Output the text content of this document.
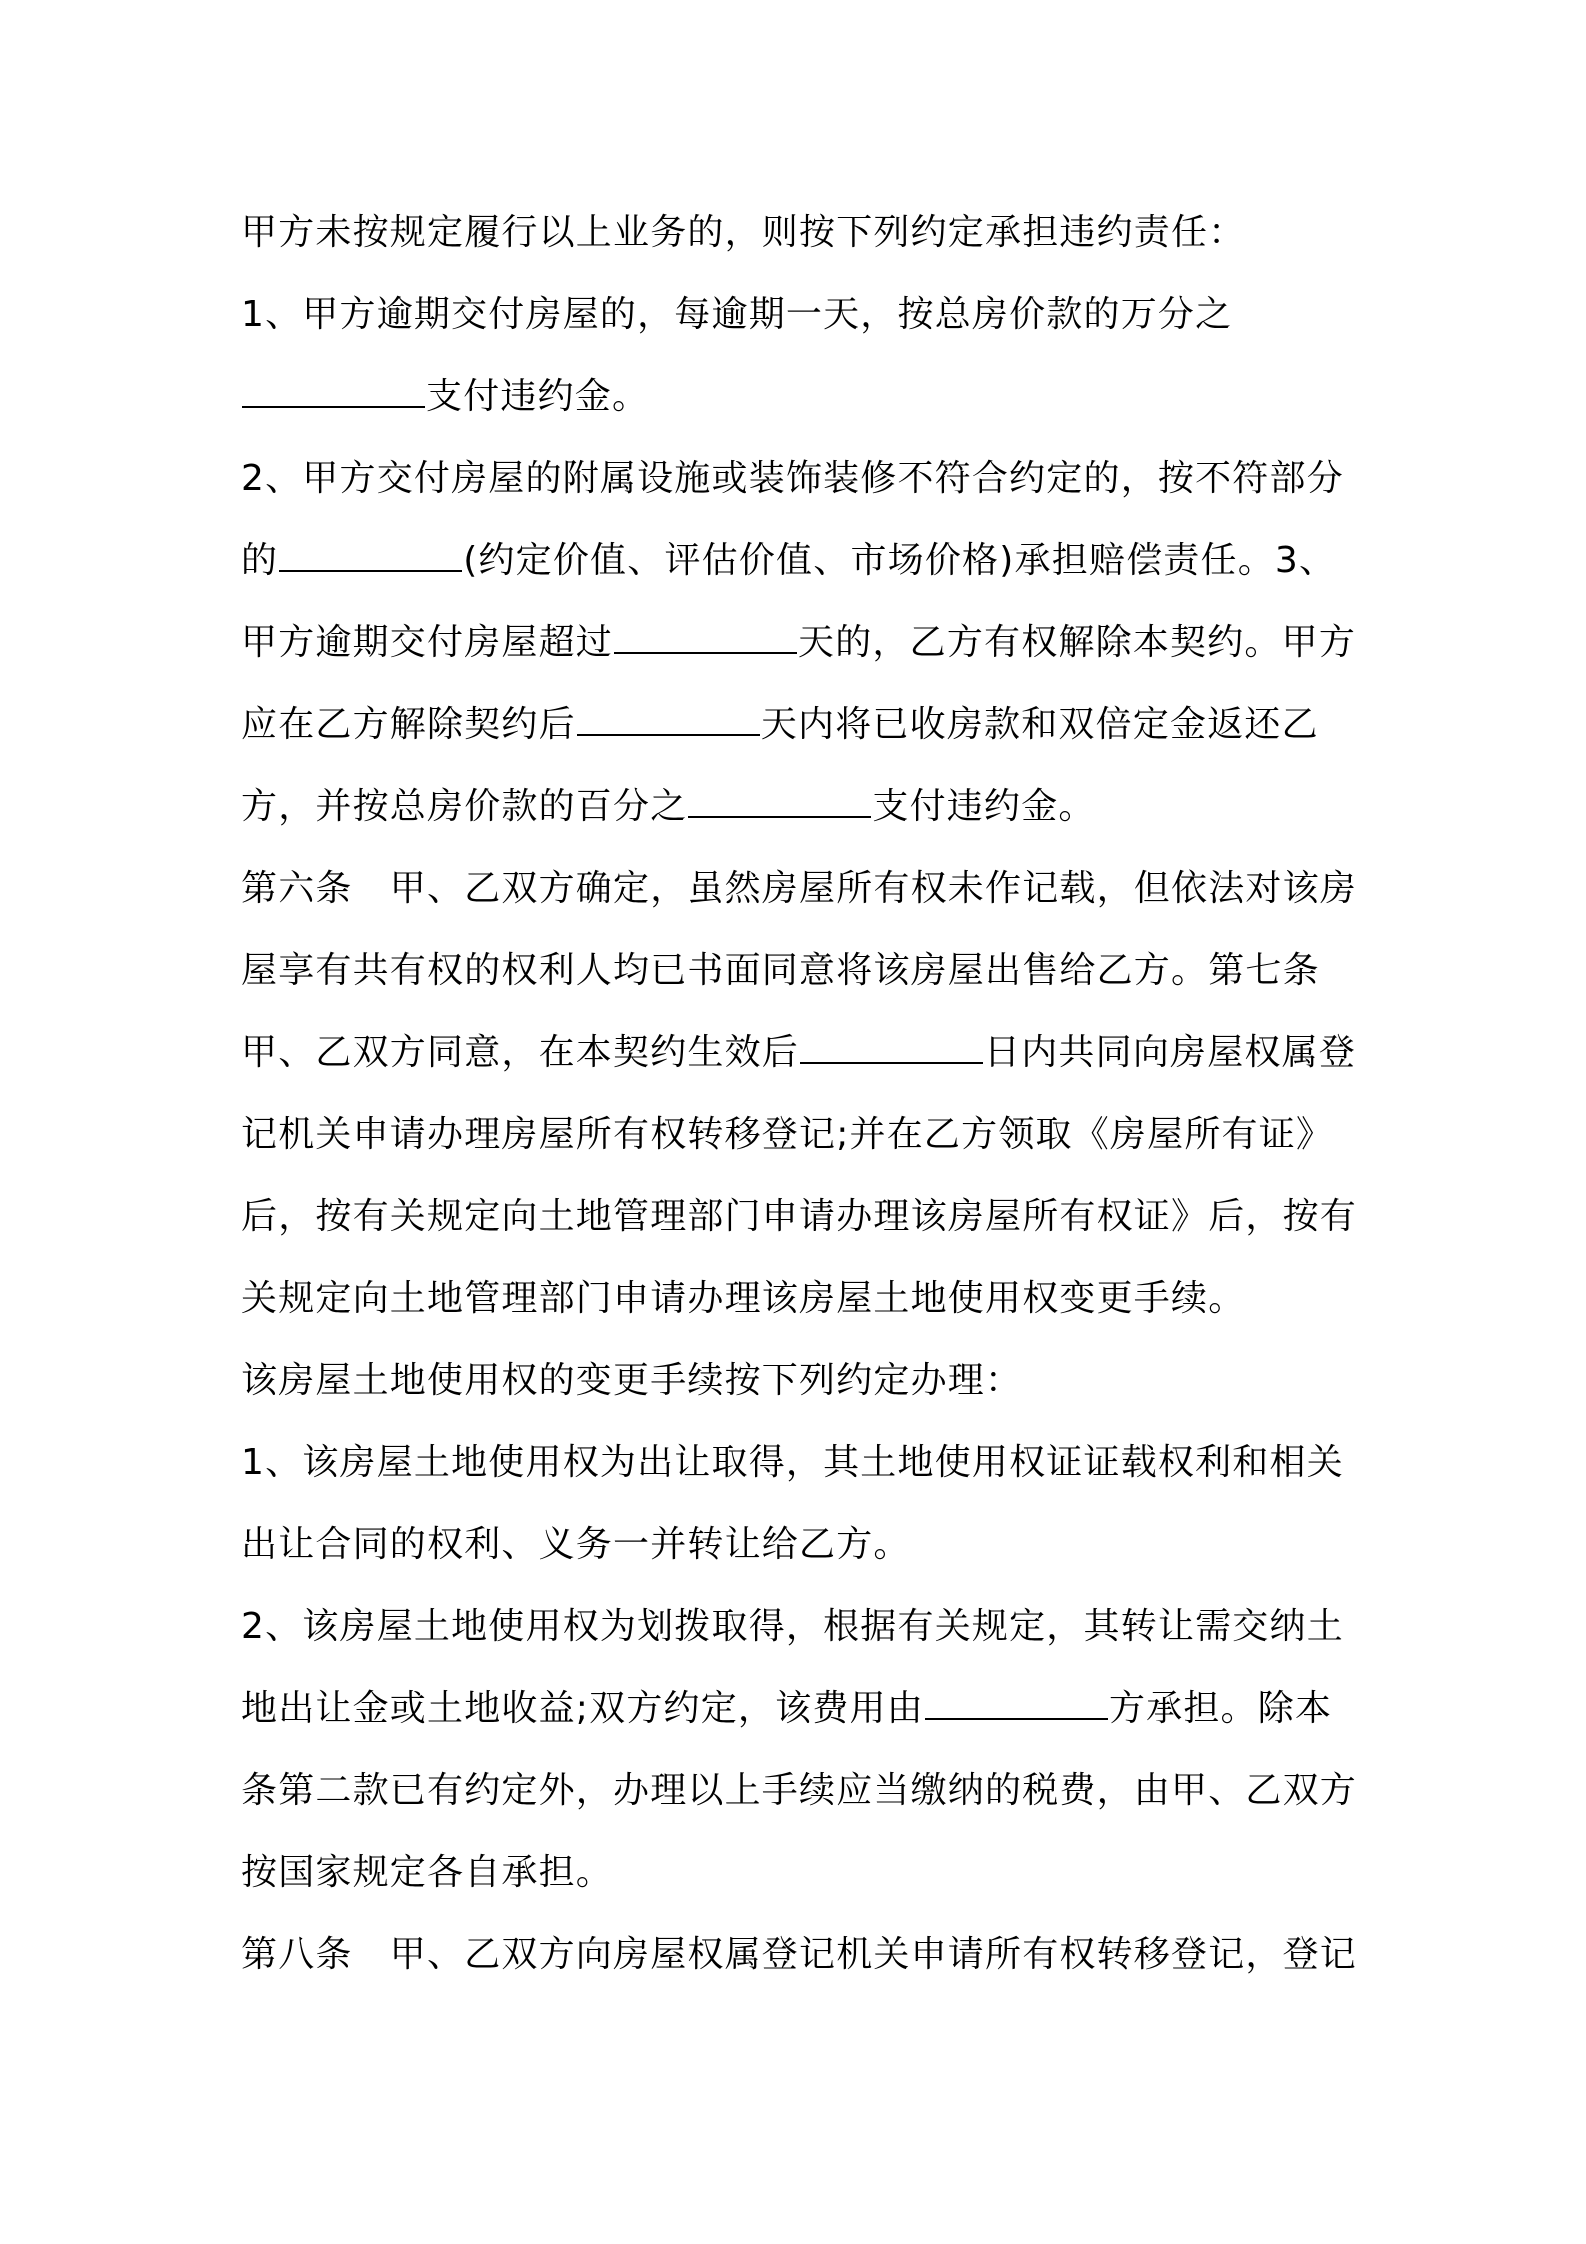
甲方未按规定履行以上业务的，则按下列约定承担违约责任：
1、甲方逾期交付房屋的，每逾期一天，按总房价款的万分之
支付违约金。
2、甲方交付房屋的附属设施或装饰装修不符合约定的，按不符部分
的	(约定价值、评估价值、市场价格)承担赔偿责任。3、
甲方逾期交付房屋超过	天的，乙方有权解除本契约。甲方
应在乙方解除契约后	天内将已收房款和双倍定金返还乙
方，并按总房价款的百分之	支付违约金。
第六条　甲、乙双方确定，虽然房屋所有权未作记载，但依法对该房
屋享有共有权的权利人均已书面同意将该房屋出售给乙方。第七条
甲、乙双方同意，在本契约生效后	日内共同向房屋权属登
记机关申请办理房屋所有权转移登记;并在乙方领取《房屋所有证》
后，按有关规定向土地管理部门申请办理该房屋所有权证》后，按有
关规定向土地管理部门申请办理该房屋土地使用权变更手续。
该房屋土地使用权的变更手续按下列约定办理：
1、该房屋土地使用权为出让取得，其土地使用权证证载权利和相关
出让合同的权利、义务一并转让给乙方。
2、该房屋土地使用权为划拨取得，根据有关规定，其转让需交纳土
地出让金或土地收益;双方约定，该费用由	方承担。除本
条第二款已有约定外，办理以上手续应当缴纳的税费，由甲、乙双方
按国家规定各自承担。
第八条　甲、乙双方向房屋权属登记机关申请所有权转移登记，登记
